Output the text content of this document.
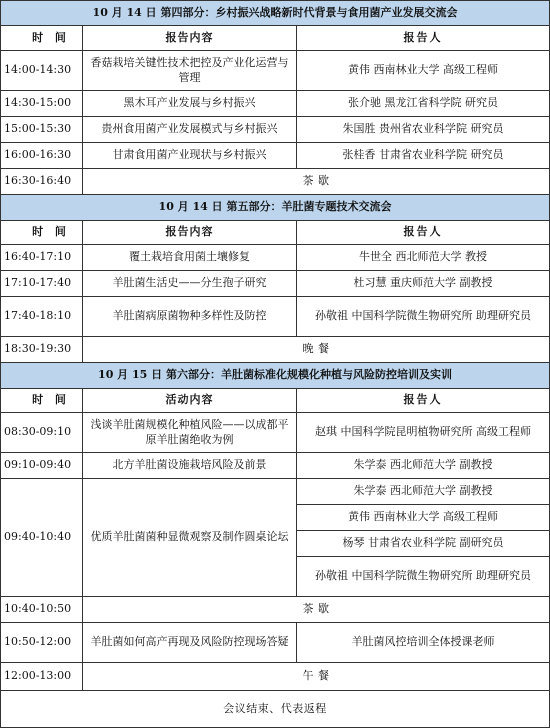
10 月 14 日 第四部分：乡村振兴战略新时代背景与食用菌产业发展交流会		
时 间	报告内容	报告人
14:00-14:30	香菇栽培关键性技术把控及产业化运营与管理	黄伟 西南林业大学 高级工程师
14:30-15:00	黑木耳产业发展与乡村振兴	张介驰 黑龙江省科学院 研究员
15:00-15:30	贵州食用菌产业发展模式与乡村振兴	朱国胜 贵州省农业科学院 研究员
16:00-16:30	甘肃食用菌产业现状与乡村振兴	张桂香 甘肃省农业科学院 研究员
16:30-16:40	茶 歇	
10 月 14 日 第五部分：羊肚菌专题技术交流会		
时 间	报告内容	报告人
16:40-17:10	覆土栽培食用菌土壤修复	牛世全 西北师范大学 教授
17:10-17:40	羊肚菌生活史——分生孢子研究	杜习慧 重庆师范大学 副教授
17:40-18:10	羊肚菌病原菌物种多样性及防控	孙敬祖 中国科学院微生物研究所 助理研究员
18:30-19:30	晚 餐	
10 月 15 日 第六部分：羊肚菌标准化规模化种植与风险防控培训及实训		
时 间	活动内容	报告人
08:30-09:10	浅谈羊肚菌规模化种植风险——以成都平原羊肚菌绝收为例	赵琪 中国科学院昆明植物研究所 高级工程师
09:10-09:40	北方羊肚菌设施栽培风险及前景	朱学泰 西北师范大学 副教授
09:40-10:40	优质羊肚菌菌种显微观察及制作圆桌论坛	朱学泰 西北师范大学 副教授
		黄伟 西南林业大学 高级工程师
		杨琴 甘肃省农业科学院 副研究员
		孙敬祖 中国科学院微生物研究所 助理研究员
10:40-10:50	茶 歇	
10:50-12:00	羊肚菌如何高产再现及风险防控现场答疑	羊肚菌风控培训全体授课老师
12:00-13:00	午 餐	
会议结束、代表返程		
